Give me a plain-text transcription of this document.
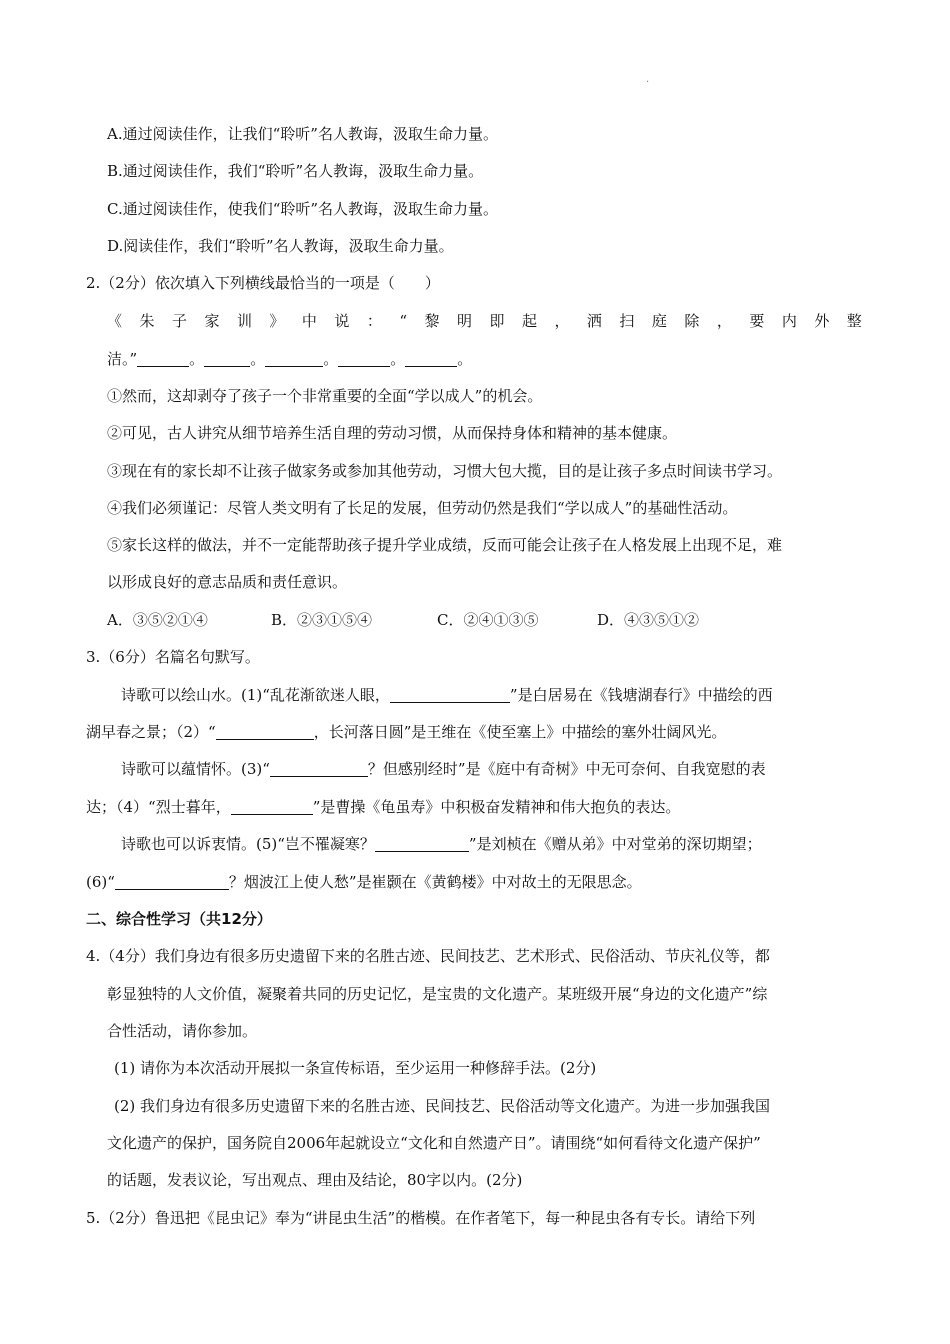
.
A.通过阅读佳作，让我们“聆听”名人教诲，汲取生命力量。
B.通过阅读佳作，我们“聆听”名人教诲，汲取生命力量。
C.通过阅读佳作，使我们“聆听”名人教诲，汲取生命力量。
D.阅读佳作，我们“聆听”名人教诲，汲取生命力量。
2.（2分）依次填入下列横线最恰当的一项是（　　）
《 朱 子 家 训 》 中 说 ： “ 黎 明 即 起 ， 洒 扫 庭 除 ， 要 内 外 整
洁。”	。	。	。	。	。
①然而，这却剥夺了孩子一个非常重要的全面“学以成人”的机会。
②可见，古人讲究从细节培养生活自理的劳动习惯，从而保持身体和精神的基本健康。
③现在有的家长却不让孩子做家务或参加其他劳动，习惯大包大揽，目的是让孩子多点时间读书学习。
④我们必须谨记：尽管人类文明有了长足的发展，但劳动仍然是我们“学以成人”的基础性活动。
⑤家长这样的做法，并不一定能帮助孩子提升学业成绩，反而可能会让孩子在人格发展上出现不足，难
以形成良好的意志品质和责任意识。
A．③⑤②①④	B．②③①⑤④	C．②④①③⑤	D．④③⑤①②
3.（6分）名篇名句默写。
诗歌可以绘山水。(1)“乱花渐欲迷人眼，	”是白居易在《钱塘湖春行》中描绘的西
湖早春之景；（2）“	，长河落日圆”是王维在《使至塞上》中描绘的塞外壮阔风光。
诗歌可以蕴情怀。(3)“	？但感别经时”是《庭中有奇树》中无可奈何、自我宽慰的表
达；（4）“烈士暮年，	”是曹操《龟虽寿》中积极奋发精神和伟大抱负的表达。
诗歌也可以诉衷情。(5)“岂不罹凝寒？	”是刘桢在《赠从弟》中对堂弟的深切期望；
(6)“	？烟波江上使人愁”是崔颢在《黄鹤楼》中对故土的无限思念。
二、综合性学习（共12分）
4.（4分）我们身边有很多历史遗留下来的名胜古迹、民间技艺、艺术形式、民俗活动、节庆礼仪等，都
彰显独特的人文价值，凝聚着共同的历史记忆，是宝贵的文化遗产。某班级开展“身边的文化遗产”综
合性活动，请你参加。
(1) 请你为本次活动开展拟一条宣传标语，至少运用一种修辞手法。(2分)
(2) 我们身边有很多历史遗留下来的名胜古迹、民间技艺、民俗活动等文化遗产。为进一步加强我国
文化遗产的保护，国务院自2006年起就设立“文化和自然遗产日”。请围绕“如何看待文化遗产保护”
的话题，发表议论，写出观点、理由及结论，80字以内。(2分)
5.（2分）鲁迅把《昆虫记》奉为“讲昆虫生活”的楷模。在作者笔下，每一种昆虫各有专长。请给下列
